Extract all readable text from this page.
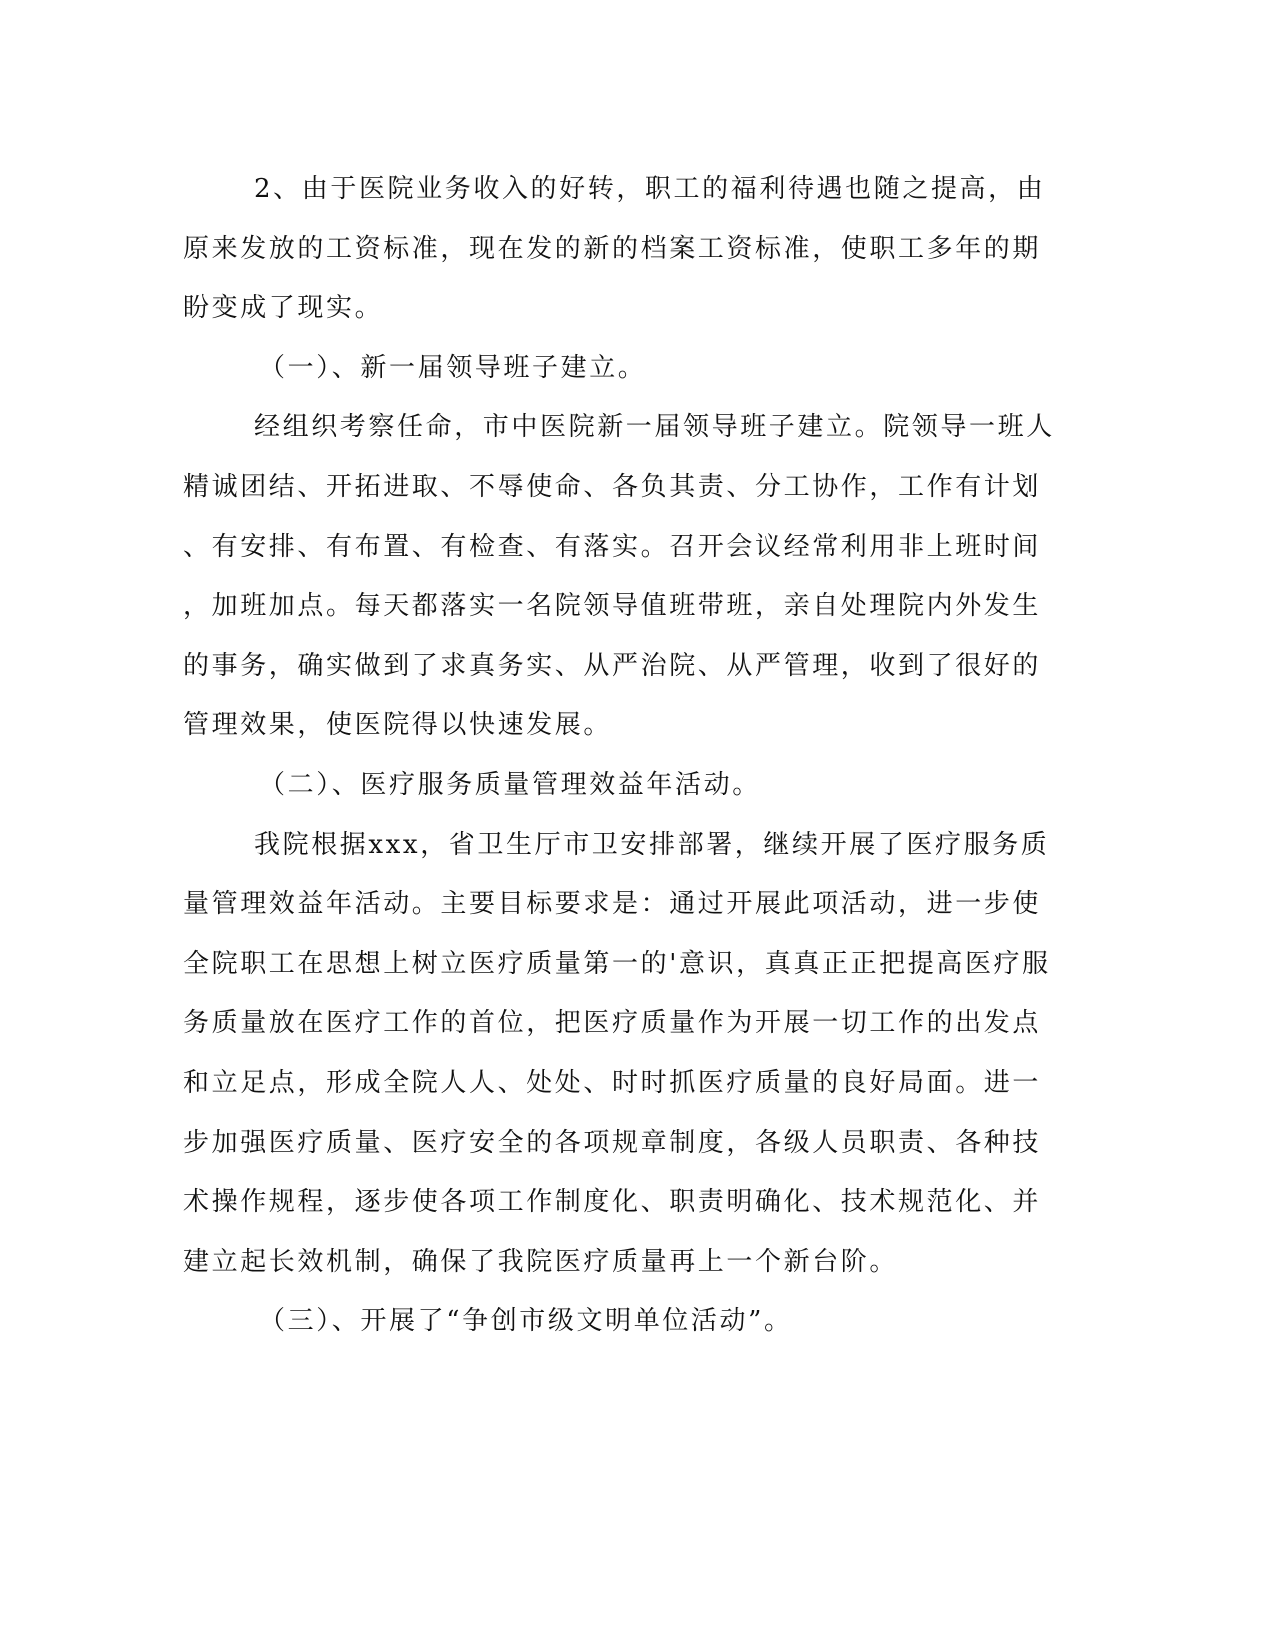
2、由于医院业务收入的好转，职工的福利待遇也随之提高，由
原来发放的工资标准，现在发的新的档案工资标准，使职工多年的期
盼变成了现实。
（一）、新一届领导班子建立。
经组织考察任命，市中医院新一届领导班子建立。院领导一班人
精诚团结、开拓进取、不辱使命、各负其责、分工协作，工作有计划
、有安排、有布置、有检查、有落实。召开会议经常利用非上班时间
，加班加点。每天都落实一名院领导值班带班，亲自处理院内外发生
的事务，确实做到了求真务实、从严治院、从严管理，收到了很好的
管理效果，使医院得以快速发展。
（二）、医疗服务质量管理效益年活动。
我院根据xxx，省卫生厅市卫安排部署，继续开展了医疗服务质
量管理效益年活动。主要目标要求是：通过开展此项活动，进一步使
全院职工在思想上树立医疗质量第一的'意识，真真正正把提高医疗服
务质量放在医疗工作的首位，把医疗质量作为开展一切工作的出发点
和立足点，形成全院人人、处处、时时抓医疗质量的良好局面。进一
步加强医疗质量、医疗安全的各项规章制度，各级人员职责、各种技
术操作规程，逐步使各项工作制度化、职责明确化、技术规范化、并
建立起长效机制，确保了我院医疗质量再上一个新台阶。
（三）、开展了“争创市级文明单位活动”。
